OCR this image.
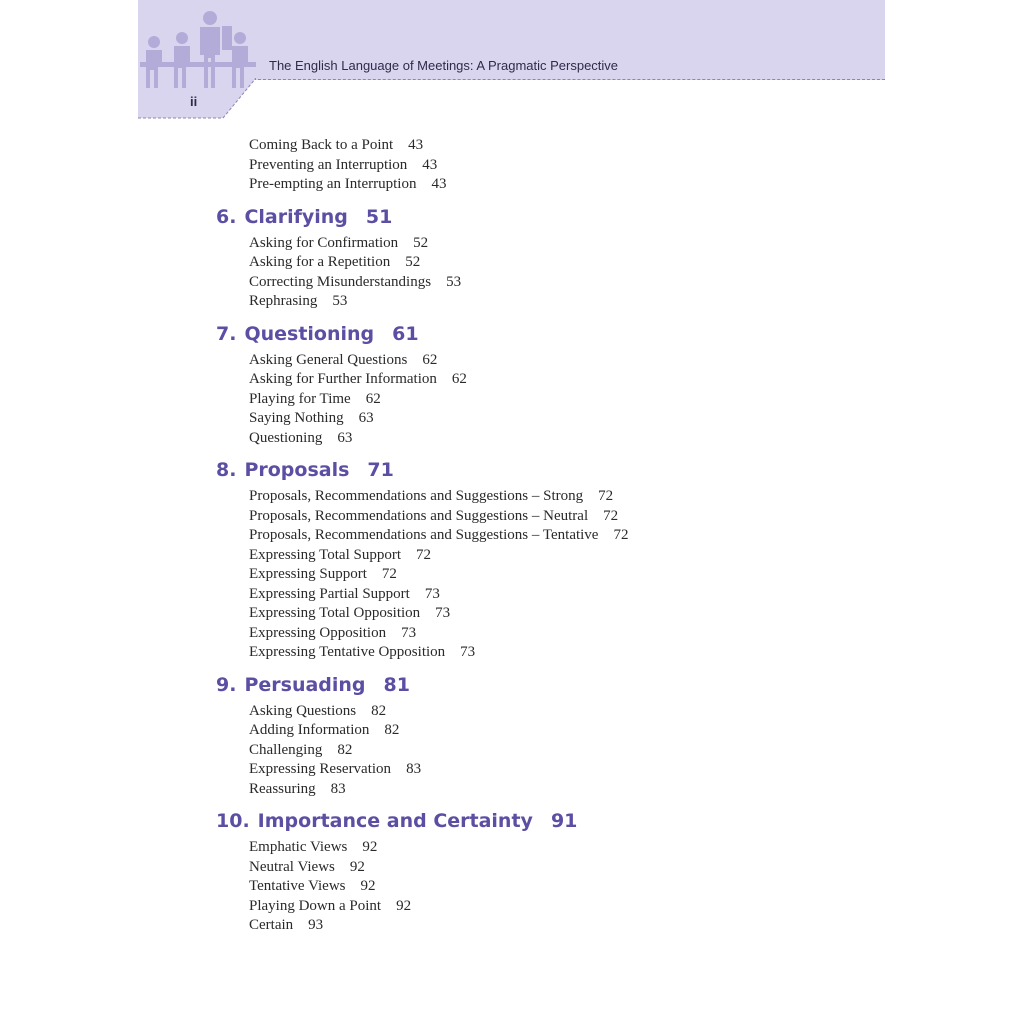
The English Language of Meetings: A Pragmatic Perspective
ii
Coming Back to a Point 43
Preventing an Interruption 43
Pre-empting an Interruption 43
6. Clarifying 51
Asking for Confirmation 52
Asking for a Repetition 52
Correcting Misunderstandings 53
Rephrasing 53
7. Questioning 61
Asking General Questions 62
Asking for Further Information 62
Playing for Time 62
Saying Nothing 63
Questioning 63
8. Proposals 71
Proposals, Recommendations and Suggestions – Strong 72
Proposals, Recommendations and Suggestions – Neutral 72
Proposals, Recommendations and Suggestions – Tentative 72
Expressing Total Support 72
Expressing Support 72
Expressing Partial Support 73
Expressing Total Opposition 73
Expressing Opposition 73
Expressing Tentative Opposition 73
9. Persuading 81
Asking Questions 82
Adding Information 82
Challenging 82
Expressing Reservation 83
Reassuring 83
10. Importance and Certainty 91
Emphatic Views 92
Neutral Views 92
Tentative Views 92
Playing Down a Point 92
Certain 93
